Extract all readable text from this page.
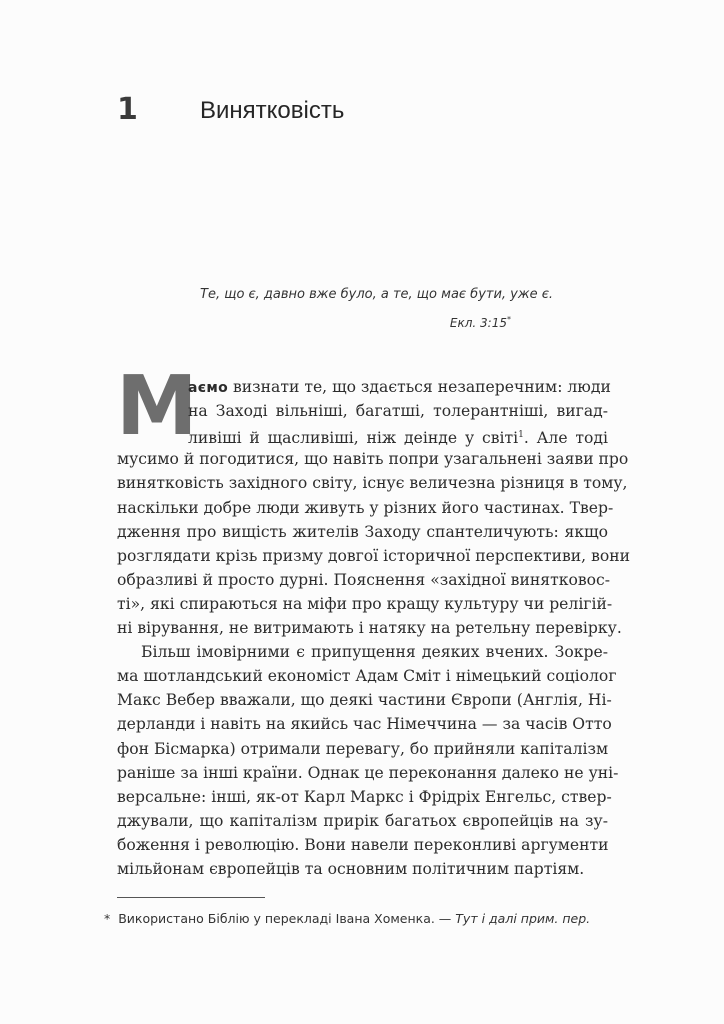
1	Винятковість
Те, що є, давно вже було, а те, що має бути, уже є.
Екл. 3:15*
М
аємо визнати те, що здається незаперечним: люди
на Заході вільніші, багатші, толерантніші, вигад-
ливіші й щасливіші, ніж деінде у світі$^1$. Але тоді
мусимо й погодитися, що навіть попри узагальнені заяви про
винятковість західного світу, існує величезна різниця в тому,
наскільки добре люди живуть у різних його частинах. Твер-
дження про вищість жителів Заходу спантеличують: якщо
розглядати крізь призму довгої історичної перспективи, вони
образливі й просто дурні. Пояснення «західної винятковос-
ті», які спираються на міфи про кращу культуру чи релігій-
ні вірування, не витримають і натяку на ретельну перевірку.
Більш імовірними є припущення деяких вчених. Зокре-
ма шотландський економіст Адам Сміт і німецький соціолог
Макс Вебер вважали, що деякі частини Європи (Англія, Ні-
дерланди і навіть на якийсь час Німеччина — за часів Отто
фон Бісмарка) отримали перевагу, бо прийняли капіталізм
раніше за інші країни. Однак це переконання далеко не уні-
версальне: інші, як-от Карл Маркс і Фрідріх Енгельс, ствер-
джували, що капіталізм прирік багатьох європейців на зу-
боження і революцію. Вони навели переконливі аргументи
мільйонам європейців та основним політичним партіям.
* Використано Біблію у перекладі Івана Хоменка. — Тут і далі прим. пер.
